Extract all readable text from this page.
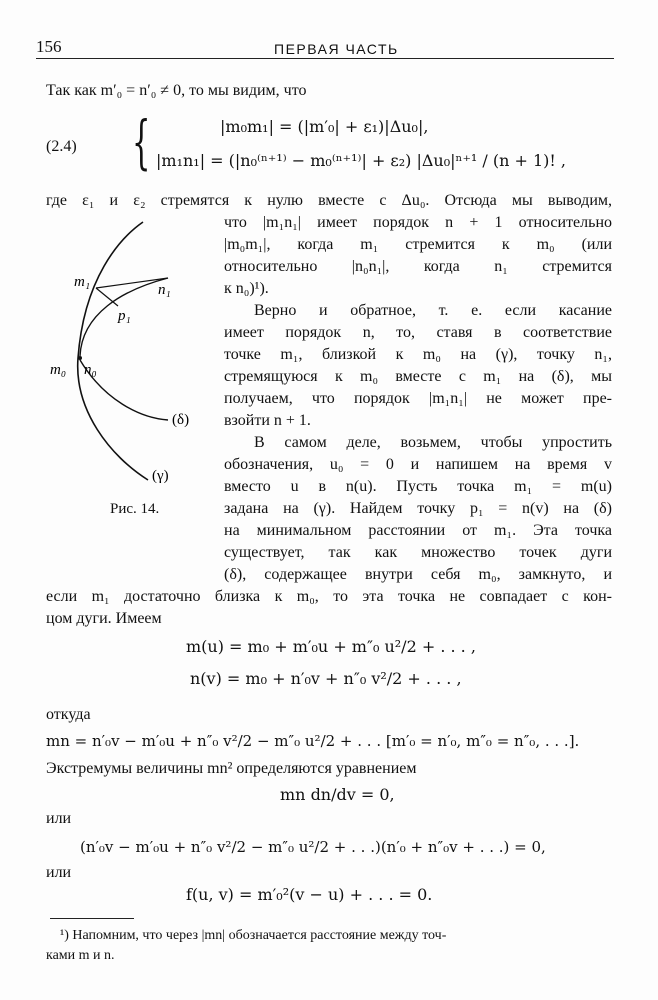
156	ПЕРВАЯ ЧАСТЬ
Так как m′₀ = n′₀ ≠ 0, то мы видим, что
(2.4) {	|m₀m₁| = (|m′₀| + ε₁)|Δu₀|,
|m₁n₁| = (|n₀⁽ⁿ⁺¹⁾ − m₀⁽ⁿ⁺¹⁾| + ε₂) |Δu₀|ⁿ⁺¹ / (n + 1)! ,
где ε₁ и ε₂ стремятся к нулю вместе с Δu₀. Отсюда мы выводим,
m₁	n₁
p₁
m₀ n₀
(δ)
(γ)
что |m₁n₁| имеет порядок n + 1 относительно
|m₀m₁|, когда m₁ стремится к m₀ (или
относительно |n₀n₁|, когда n₁ стремится
к n₀)¹).
Верно и обратное, т. е. если касание
имеет порядок n, то, ставя в соответствие
точке m₁, близкой к m₀ на (γ), точку n₁,
стремящуюся к m₀ вместе с m₁ на (δ), мы
получаем, что порядок |m₁n₁| не может пре-
взойти n + 1.
В самом деле, возьмем, чтобы упростить
обозначения, u₀ = 0 и напишем на время v
вместо u в n(u). Пусть точка m₁ = m(u)
задана на (γ). Найдем точку p₁ = n(v) на (δ)
на минимальном расстоянии от m₁. Эта точка
существует, так как множество точек дуги
(δ), содержащее внутри себя m₀, замкнуто, и
Рис. 14.
если m₁ достаточно близка к m₀, то эта точка не совпадает с кон-
цом дуги. Имеем
m(u) = m₀ + m′₀u + m″₀ u²/2 + . . . ,
n(v) = m₀ + n′₀v + n″₀ v²/2 + . . . ,
откуда
mn = n′₀v − m′₀u + n″₀ v²/2 − m″₀ u²/2 + . . . [m′₀ = n′₀, m″₀ = n″₀, . . .].
Экстремумы величины mn² определяются уравнением
mn dn/dv = 0,
или
(n′₀v − m′₀u + n″₀ v²/2 − m″₀ u²/2 + . . .)(n′₀ + n″₀v + . . .) = 0,
или
f(u, v) = m′₀²(v − u) + . . . = 0.
¹) Напомним, что через |mn| обозначается расстояние между точ-
ками m и n.
